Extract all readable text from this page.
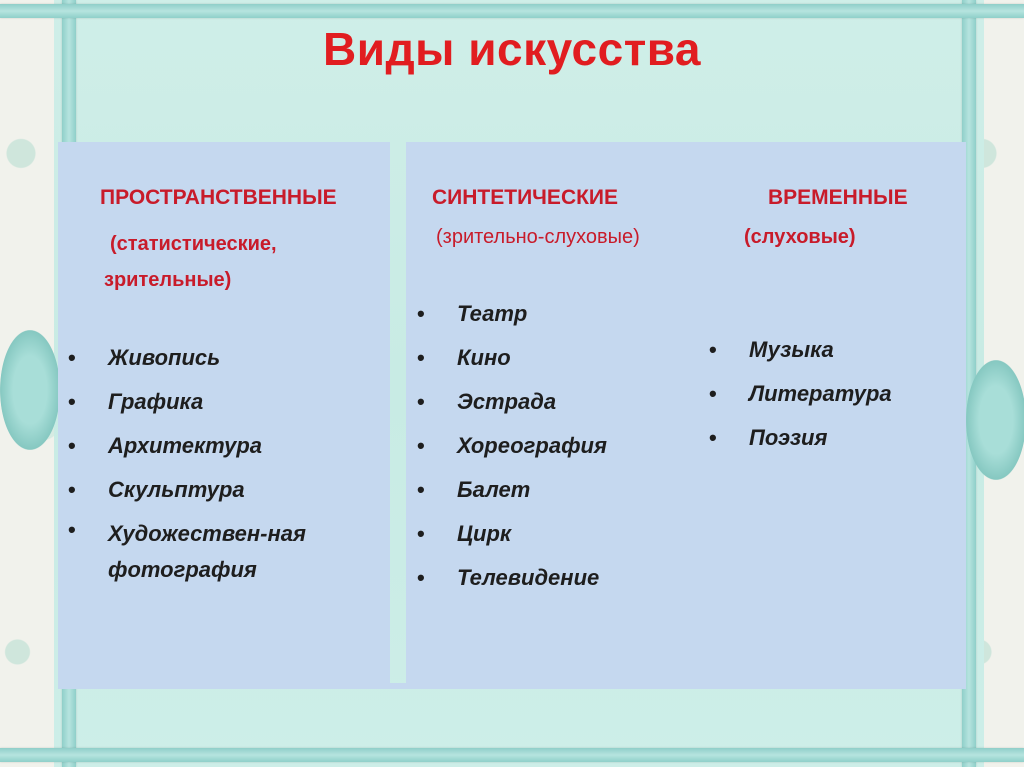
Виды искусства
ПРОСТРАНСТВЕННЫЕ
(статистические,
зрительные)
• Живопись
• Графика
• Архитектура
• Скульптура
• Художествен-ная фотография
СИНТЕТИЧЕСКИЕ
(зрительно-слуховые)
• Театр
• Кино
• Эстрада
• Хореография
• Балет
• Цирк
• Телевидение
ВРЕМЕННЫЕ
(слуховые)
• Музыка
• Литература
• Поэзия
